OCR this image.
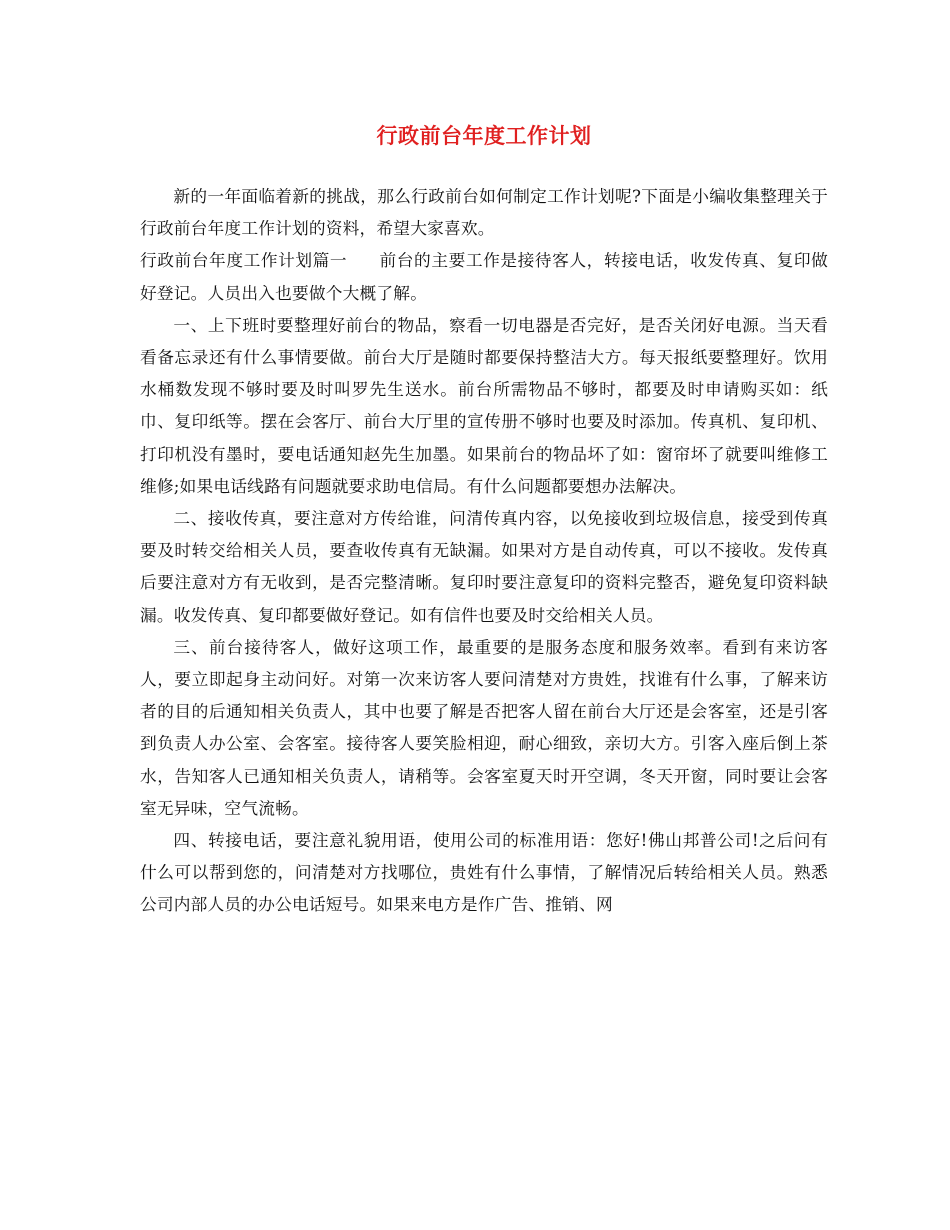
行政前台年度工作计划

新的一年面临着新的挑战，那么行政前台如何制定工作计划呢?下面是小编收集整理关于行政前台年度工作计划的资料，希望大家喜欢。

行政前台年度工作计划篇一 前台的主要工作是接待客人，转接电话，收发传真、复印做好登记。人员出入也要做个大概了解。

一、上下班时要整理好前台的物品，察看一切电器是否完好，是否关闭好电源。当天看看备忘录还有什么事情要做。前台大厅是随时都要保持整洁大方。每天报纸要整理好。饮用水桶数发现不够时要及时叫罗先生送水。前台所需物品不够时，都要及时申请购买如：纸巾、复印纸等。摆在会客厅、前台大厅里的宣传册不够时也要及时添加。传真机、复印机、打印机没有墨时，要电话通知赵先生加墨。如果前台的物品坏了如：窗帘坏了就要叫维修工维修;如果电话线路有问题就要求助电信局。有什么问题都要想办法解决。

二、接收传真，要注意对方传给谁，问清传真内容，以免接收到垃圾信息，接受到传真要及时转交给相关人员，要查收传真有无缺漏。如果对方是自动传真，可以不接收。发传真后要注意对方有无收到，是否完整清晰。复印时要注意复印的资料完整否，避免复印资料缺漏。收发传真、复印都要做好登记。如有信件也要及时交给相关人员。

三、前台接待客人，做好这项工作，最重要的是服务态度和服务效率。看到有来访客人，要立即起身主动问好。对第一次来访客人要问清楚对方贵姓，找谁有什么事，了解来访者的目的后通知相关负责人，其中也要了解是否把客人留在前台大厅还是会客室，还是引客到负责人办公室、会客室。接待客人要笑脸相迎，耐心细致，亲切大方。引客入座后倒上茶水，告知客人已通知相关负责人，请稍等。会客室夏天时开空调，冬天开窗，同时要让会客室无异味，空气流畅。

四、转接电话，要注意礼貌用语，使用公司的标准用语：您好!佛山邦普公司!之后问有什么可以帮到您的，问清楚对方找哪位，贵姓有什么事情，了解情况后转给相关人员。熟悉公司内部人员的办公电话短号。如果来电方是作广告、推销、网
